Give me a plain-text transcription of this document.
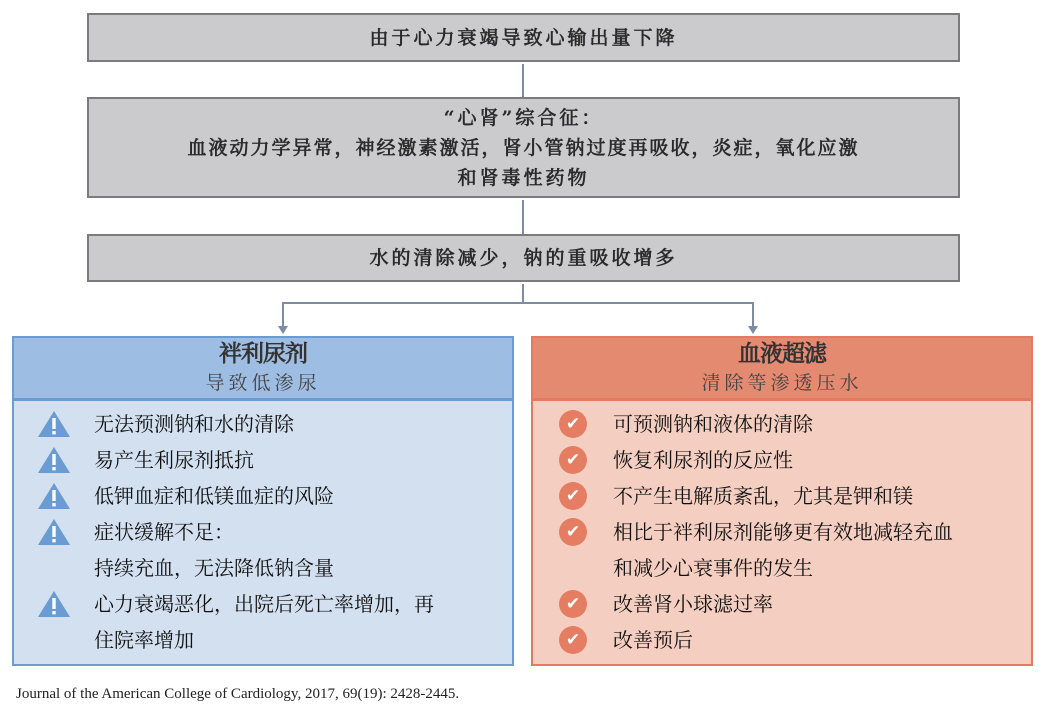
由于心力衰竭导致心输出量下降
“心肾”综合征：
血液动力学异常，神经激素激活，肾小管钠过度再吸收，炎症，氧化应激
和肾毒性药物
水的清除减少，钠的重吸收增多
袢利尿剂
导致低渗尿
无法预测钠和水的清除
易产生利尿剂抵抗
低钾血症和低镁血症的风险
症状缓解不足：
持续充血，无法降低钠含量
心力衰竭恶化，出院后死亡率增加，再
住院率增加
血液超滤
清除等渗透压水
✔	可预测钠和液体的清除
✔	恢复利尿剂的反应性
✔	不产生电解质紊乱，尤其是钾和镁
✔	相比于袢利尿剂能够更有效地减轻充血
和减少心衰事件的发生
✔	改善肾小球滤过率
✔	改善预后
Journal of the American College of Cardiology, 2017, 69(19): 2428-2445.
